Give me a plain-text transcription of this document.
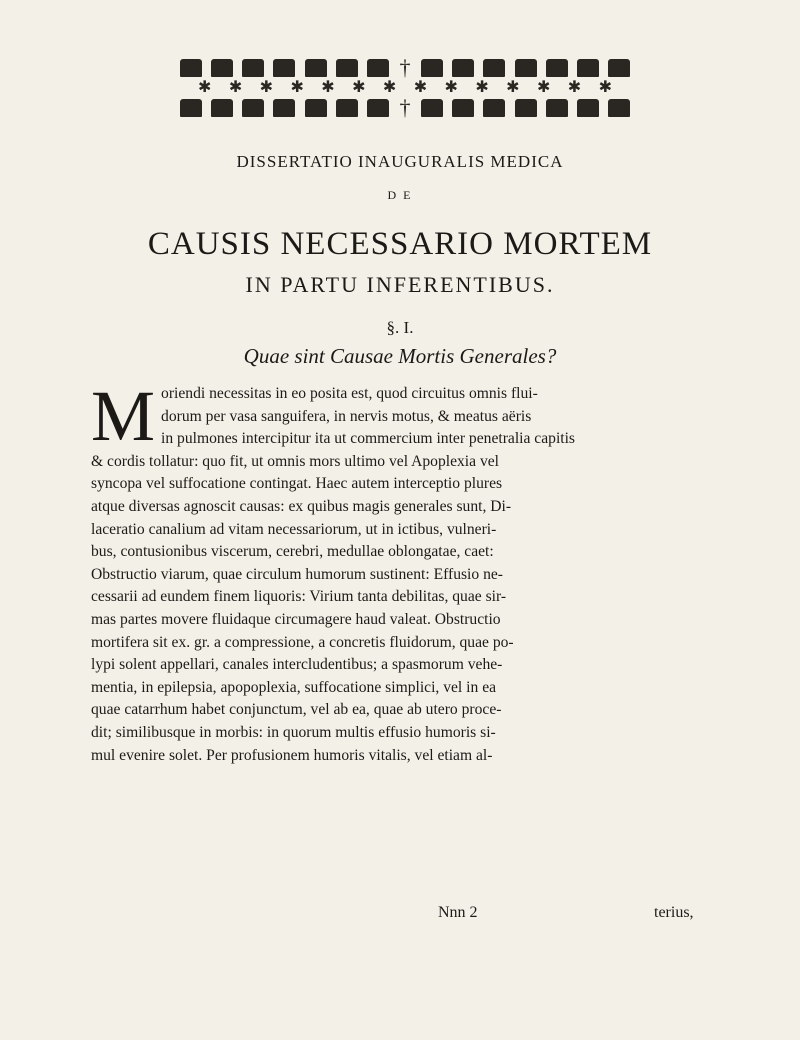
†
✱ ✱ ✱ ✱ ✱ ✱ ✱ ✱ ✱ ✱ ✱ ✱ ✱ ✱
†
DISSERTATIO INAUGURALIS MEDICA
D E
CAUSIS NECESSARIO MORTEM
IN PARTU INFERENTIBUS.
§. I.
Quae sint Causae Mortis Generales?
M oriendi necessitas in eo posita est, quod circuitus omnis flui-
dorum per vasa sanguifera, in nervis motus, & meatus aëris
in pulmones intercipitur ita ut commercium inter penetralia capitis
& cordis tollatur: quo fit, ut omnis mors ultimo vel Apoplexia vel
syncopa vel suffocatione contingat. Haec autem interceptio plures
atque diversas agnoscit causas: ex quibus magis generales sunt, Di-
laceratio canalium ad vitam necessariorum, ut in ictibus, vulneri-
bus, contusionibus viscerum, cerebri, medullae oblongatae, caet:
Obstructio viarum, quae circulum humorum sustinent: Effusio ne-
cessarii ad eundem finem liquoris: Virium tanta debilitas, quae sir-
mas partes movere fluidaque circumagere haud valeat. Obstructio
mortifera sit ex. gr. a compressione, a concretis fluidorum, quae po-
lypi solent appellari, canales intercludentibus; a spasmorum vehe-
mentia, in epilepsia, apopoplexia, suffocatione simplici, vel in ea
quae catarrhum habet conjunctum, vel ab ea, quae ab utero proce-
dit; similibusque in morbis: in quorum multis effusio humoris si-
mul evenire solet. Per profusionem humoris vitalis, vel etiam al-
Nnn 2	terius,
